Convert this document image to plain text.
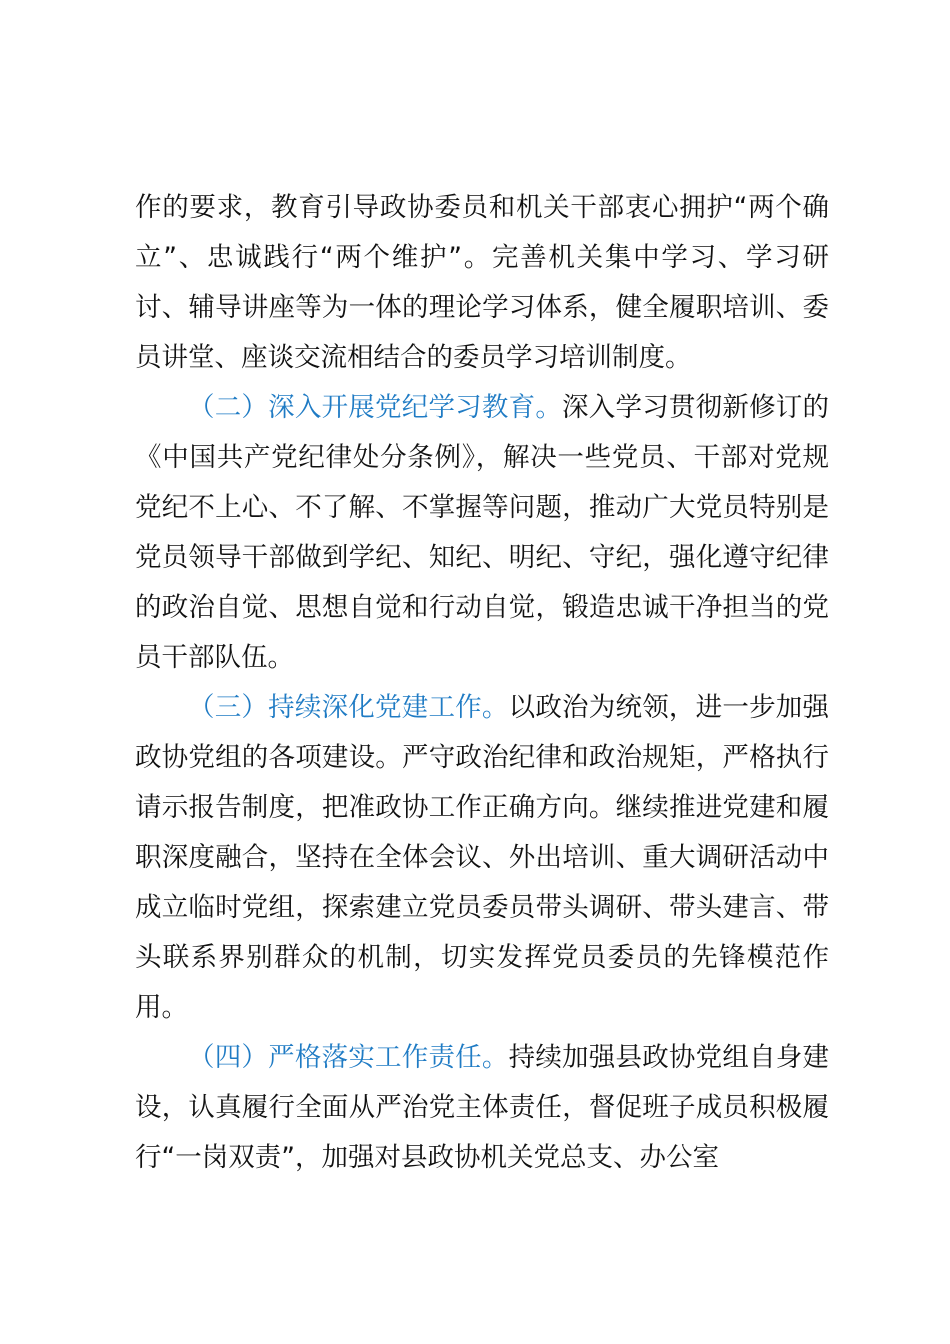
作的要求，教育引导政协委员和机关干部衷心拥护“两个确立”、忠诚践行“两个维护”。完善机关集中学习、学习研讨、辅导讲座等为一体的理论学习体系，健全履职培训、委员讲堂、座谈交流相结合的委员学习培训制度。

（二）深入开展党纪学习教育。深入学习贯彻新修订的《中国共产党纪律处分条例》，解决一些党员、干部对党规党纪不上心、不了解、不掌握等问题，推动广大党员特别是党员领导干部做到学纪、知纪、明纪、守纪，强化遵守纪律的政治自觉、思想自觉和行动自觉，锻造忠诚干净担当的党员干部队伍。

（三）持续深化党建工作。以政治为统领，进一步加强政协党组的各项建设。严守政治纪律和政治规矩，严格执行请示报告制度，把准政协工作正确方向。继续推进党建和履职深度融合，坚持在全体会议、外出培训、重大调研活动中成立临时党组，探索建立党员委员带头调研、带头建言、带头联系界别群众的机制，切实发挥党员委员的先锋模范作用。

（四）严格落实工作责任。持续加强县政协党组自身建设，认真履行全面从严治党主体责任，督促班子成员积极履行“一岗双责”，加强对县政协机关党总支、办公室
